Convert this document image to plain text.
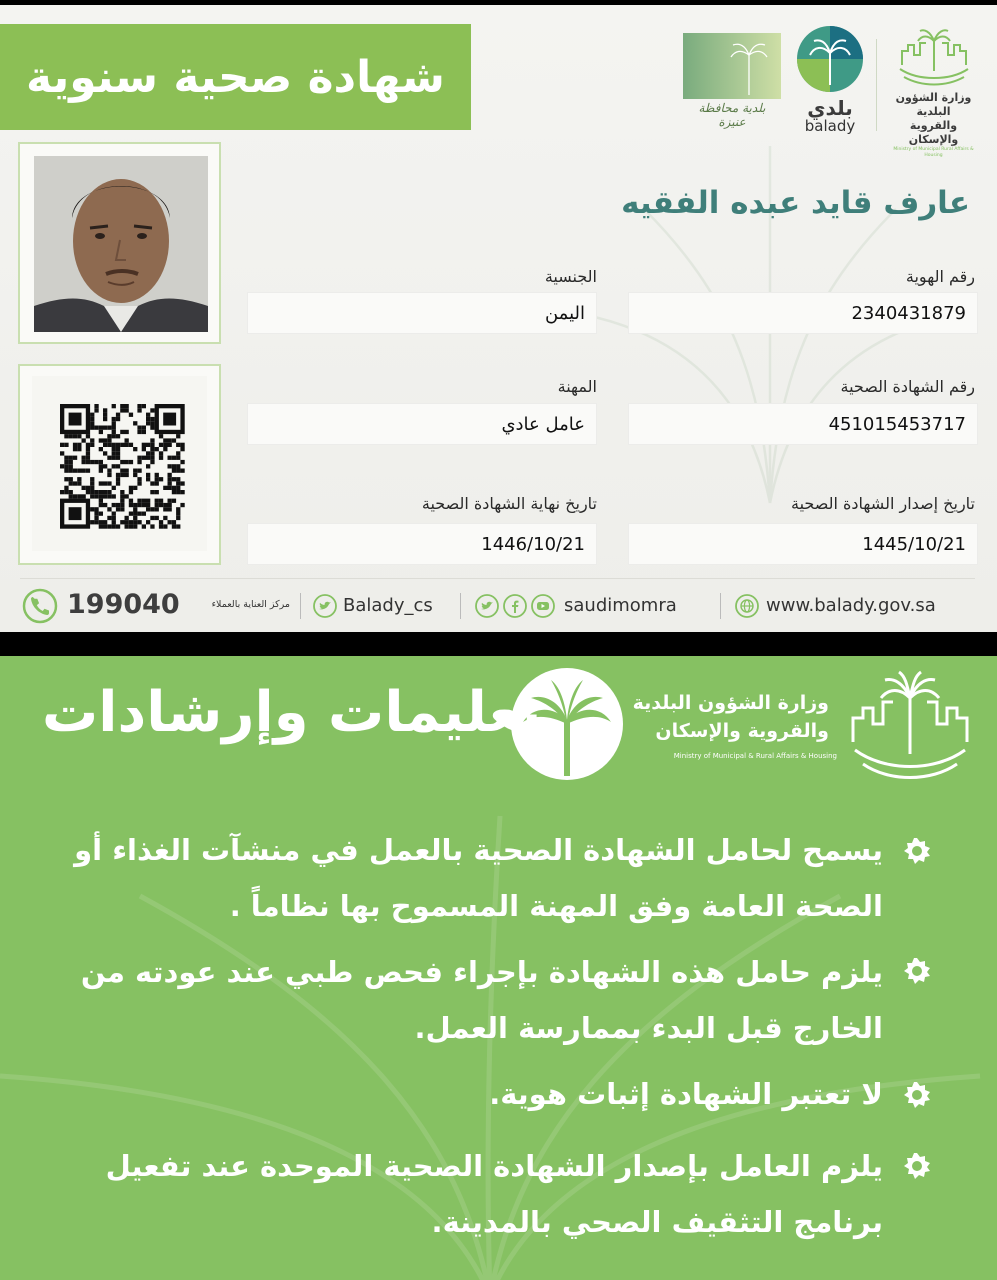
شهادة صحية سنوية
بلدية محافظة عنيزة
بلدي
balady
وزارة الشؤون البلدية
والقروية والإسكان
Ministry of Municipal Rural Affairs & Housing
عارف قايد عبده الفقيه
رقم الهوية
2340431879
رقم الشهادة الصحية
451015453717
تاريخ إصدار الشهادة الصحية
1445/10/21
الجنسية
اليمن
المهنة
عامل عادي
تاريخ نهاية الشهادة الصحية
1446/10/21
199040	مركز العناية بالعملاء	Balady_cs	saudimomra	www.balady.gov.sa
وزارة الشؤون البلدية
والقروية والإسكان
Ministry of Municipal & Rural Affairs & Housing
تعليمات وإرشادات
يسمح لحامل الشهادة الصحية بالعمل في منشآت الغذاء أو الصحة العامة وفق المهنة المسموح بها نظاماً .
يلزم حامل هذه الشهادة بإجراء فحص طبي عند عودته من الخارج قبل البدء بممارسة العمل.
لا تعتبر الشهادة إثبات هوية.
يلزم العامل بإصدار الشهادة الصحية الموحدة عند تفعيل برنامج التثقيف الصحي بالمدينة.
